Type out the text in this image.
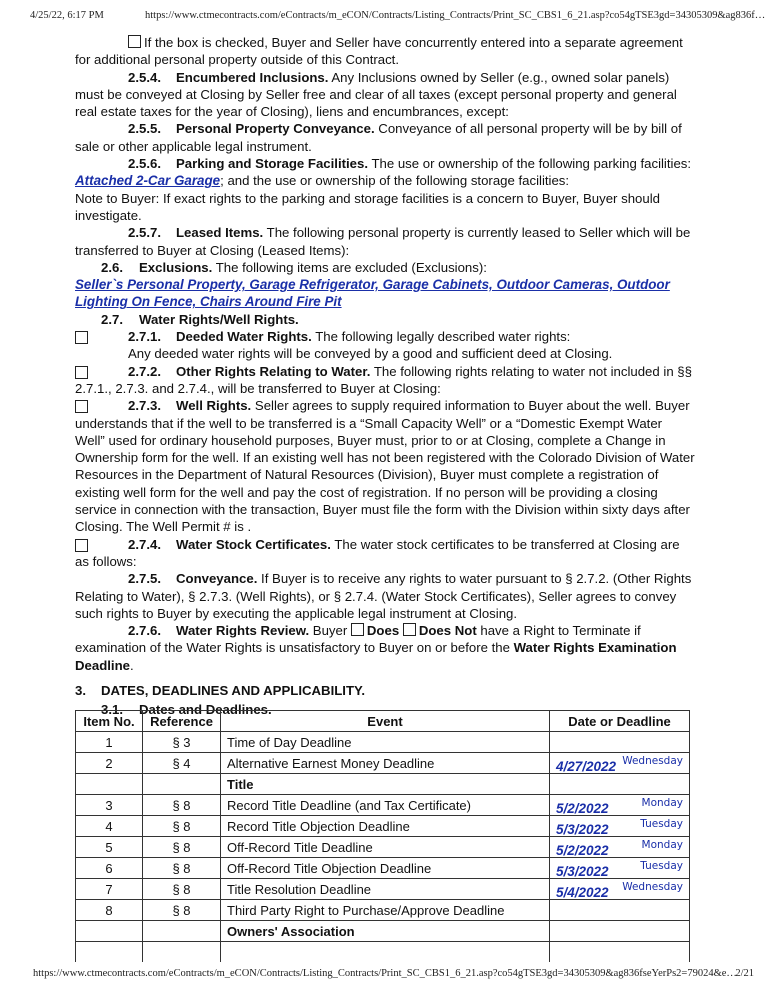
4/25/22, 6:17 PM	https://www.ctmecontracts.com/eContracts/m_eCON/Contracts/Listing_Contracts/Print_SC_CBS1_6_21.asp?co54gTSE3gd=34305309&ag836f…

If the box is checked, Buyer and Seller have concurrently entered into a separate agreement for additional personal property outside of this Contract.

2.5.4. Encumbered Inclusions. Any Inclusions owned by Seller (e.g., owned solar panels) must be conveyed at Closing by Seller free and clear of all taxes (except personal property and general real estate taxes for the year of Closing), liens and encumbrances, except:

2.5.5. Personal Property Conveyance. Conveyance of all personal property will be by bill of sale or other applicable legal instrument.

2.5.6. Parking and Storage Facilities. The use or ownership of the following parking facilities:

Attached 2-Car Garage; and the use or ownership of the following storage facilities:

Note to Buyer: If exact rights to the parking and storage facilities is a concern to Buyer, Buyer should investigate.

2.5.7. Leased Items. The following personal property is currently leased to Seller which will be transferred to Buyer at Closing (Leased Items):

2.6. Exclusions. The following items are excluded (Exclusions):

Seller`s Personal Property, Garage Refrigerator, Garage Cabinets, Outdoor Cameras, Outdoor Lighting On Fence, Chairs Around Fire Pit

2.7. Water Rights/Well Rights.

2.7.1. Deeded Water Rights. The following legally described water rights:

Any deeded water rights will be conveyed by a good and sufficient deed at Closing.

2.7.2. Other Rights Relating to Water. The following rights relating to water not included in §§ 2.7.1., 2.7.3. and 2.7.4., will be transferred to Buyer at Closing:

2.7.3. Well Rights. Seller agrees to supply required information to Buyer about the well. Buyer understands that if the well to be transferred is a “Small Capacity Well” or a “Domestic Exempt Water Well” used for ordinary household purposes, Buyer must, prior to or at Closing, complete a Change in Ownership form for the well. If an existing well has not been registered with the Colorado Division of Water Resources in the Department of Natural Resources (Division), Buyer must complete a registration of existing well form for the well and pay the cost of registration. If no person will be providing a closing service in connection with the transaction, Buyer must file the form with the Division within sixty days after Closing. The Well Permit # is .

2.7.4. Water Stock Certificates. The water stock certificates to be transferred at Closing are as follows:

2.7.5. Conveyance. If Buyer is to receive any rights to water pursuant to § 2.7.2. (Other Rights Relating to Water), § 2.7.3. (Well Rights), or § 2.7.4. (Water Stock Certificates), Seller agrees to convey such rights to Buyer by executing the applicable legal instrument at Closing.

2.7.6. Water Rights Review. Buyer Does Does Not have a Right to Terminate if examination of the Water Rights is unsatisfactory to Buyer on or before the Water Rights Examination Deadline.

3. DATES, DEADLINES AND APPLICABILITY.

3.1. Dates and Deadlines.

Item No.	Reference	Event	Date or Deadline
1	§ 3	Time of Day Deadline	

2	§ 4	Alternative Earnest Money Deadline	4/27/2022 Wednesday

		Title	

3	§ 8	Record Title Deadline (and Tax Certificate)	5/2/2022 Monday

4	§ 8	Record Title Objection Deadline	5/3/2022 Tuesday

5	§ 8	Off-Record Title Deadline	5/2/2022 Monday

6	§ 8	Off-Record Title Objection Deadline	5/3/2022 Tuesday

7	§ 8	Title Resolution Deadline	5/4/2022 Wednesday

8	§ 8	Third Party Right to Purchase/Approve Deadline	

		Owners' Association	

https://www.ctmecontracts.com/eContracts/m_eCON/Contracts/Listing_Contracts/Print_SC_CBS1_6_21.asp?co54gTSE3gd=34305309&ag836fseYerPs2=79024&e…
2/21
